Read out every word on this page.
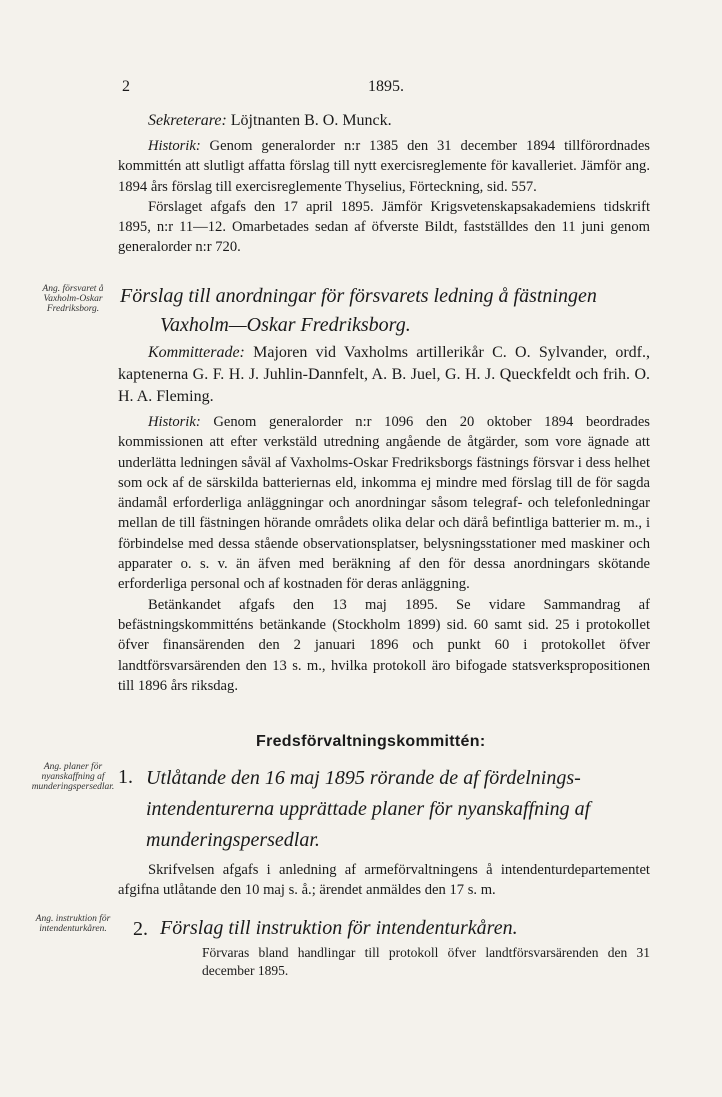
2	1895.

Sekreterare: Löjtnanten B. O. Munck.

Historik: Genom generalorder n:r 1385 den 31 december 1894 tillförordnades kommittén att slutligt affatta förslag till nytt exercisreglemente för kavalleriet. Jämför ang. 1894 års förslag till exercisreglemente Thyselius, Förteckning, sid. 557.

Förslaget afgafs den 17 april 1895. Jämför Krigsvetenskapsakademiens tidskrift 1895, n:r 11—12. Omarbetades sedan af öfverste Bildt, fastställdes den 11 juni genom generalorder n:r 720.

Ang. försvaret å Vaxholm-Oskar Fredriksborg.

Förslag till anordningar för försvarets ledning å fästningen

Vaxholm—Oskar Fredriksborg.

Kommitterade: Majoren vid Vaxholms artillerikår C. O. Sylvander, ordf., kaptenerna G. F. H. J. Juhlin-Dannfelt, A. B. Juel, G. H. J. Queckfeldt och frih. O. H. A. Fleming.

Historik: Genom generalorder n:r 1096 den 20 oktober 1894 beordrades kommissionen att efter verkstäld utredning angående de åtgärder, som vore ägnade att underlätta ledningen såväl af Vaxholms-Oskar Fredriksborgs fästnings försvar i dess helhet som ock af de särskilda batteriernas eld, inkomma ej mindre med förslag till de för sagda ändamål erforderliga anläggningar och anordningar såsom telegraf- och telefonledningar mellan de till fästningen hörande områdets olika delar och därå befintliga batterier m. m., i förbindelse med dessa stående observationsplatser, belysningsstationer med maskiner och apparater o. s. v. än äfven med beräkning af den för dessa anordningars skötande erforderliga personal och af kostnaden för deras anläggning.

Betänkandet afgafs den 13 maj 1895. Se vidare Sammandrag af befästningskommitténs betänkande (Stockholm 1899) sid. 60 samt sid. 25 i protokollet öfver finansärenden den 2 januari 1896 och punkt 60 i protokollet öfver landtförsvarsärenden den 13 s. m., hvilka protokoll äro bifogade statsverkspropositionen till 1896 års riksdag.

Fredsförvaltningskommittén:
Ang. planer för nyanskaffning af munderingspersedlar. 1. Utlåtande den 16 maj 1895 rörande de af fördelnings-

intendenturerna upprättade planer för nyanskaffning af

munderingspersedlar.

Skrifvelsen afgafs i anledning af armeförvaltningens å intendenturdepartementet afgifna utlåtande den 10 maj s. å.; ärendet anmäldes den 17 s. m.

Ang. instruktion för intendenturkåren.	2. Förslag till instruktion för intendenturkåren.

Förvaras bland handlingar till protokoll öfver landtförsvarsärenden den 31 december 1895.
